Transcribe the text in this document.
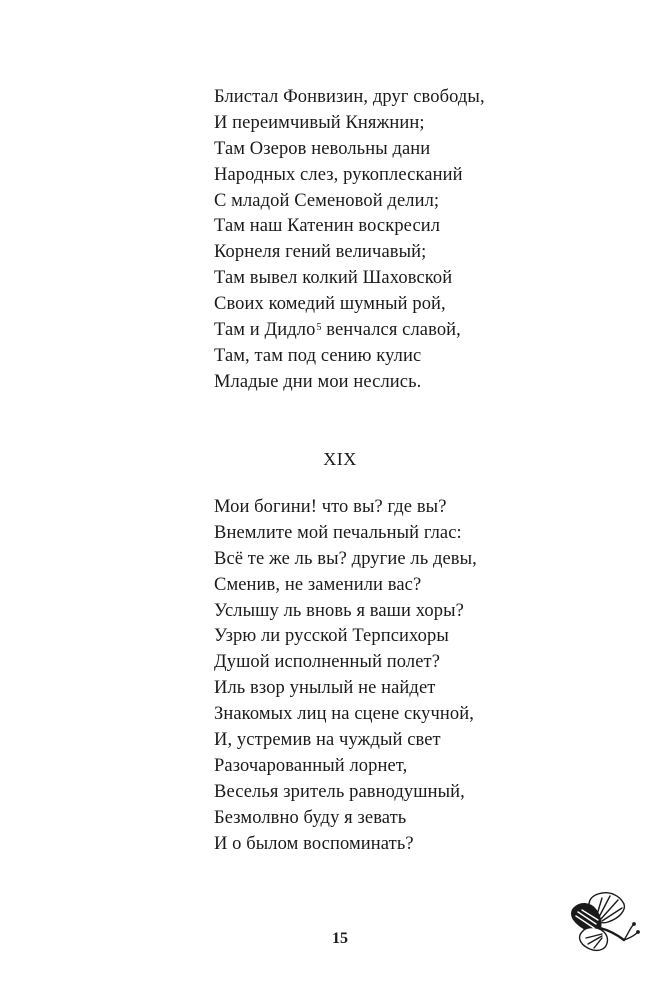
Блистал Фонвизин, друг свободы,
И переимчивый Княжнин;
Там Озеров невольны дани
Народных слез, рукоплесканий
С младой Семеновой делил;
Там наш Катенин воскресил
Корнеля гений величавый;
Там вывел колкий Шаховской
Своих комедий шумный рой,
Там и Дидло$^5$ венчался славой,
Там, там под сению кулис
Младые дни мои неслись.
XIX
Мои богини! что вы? где вы?
Внемлите мой печальный глас:
Всё те же ль вы? другие ль девы,
Сменив, не заменили вас?
Услышу ль вновь я ваши хоры?
Узрю ли русской Терпсихоры
Душой исполненный полет?
Иль взор унылый не найдет
Знакомых лиц на сцене скучной,
И, устремив на чуждый свет
Разочарованный лорнет,
Веселья зритель равнодушный,
Безмолвно буду я зевать
И о былом воспоминать?
15
